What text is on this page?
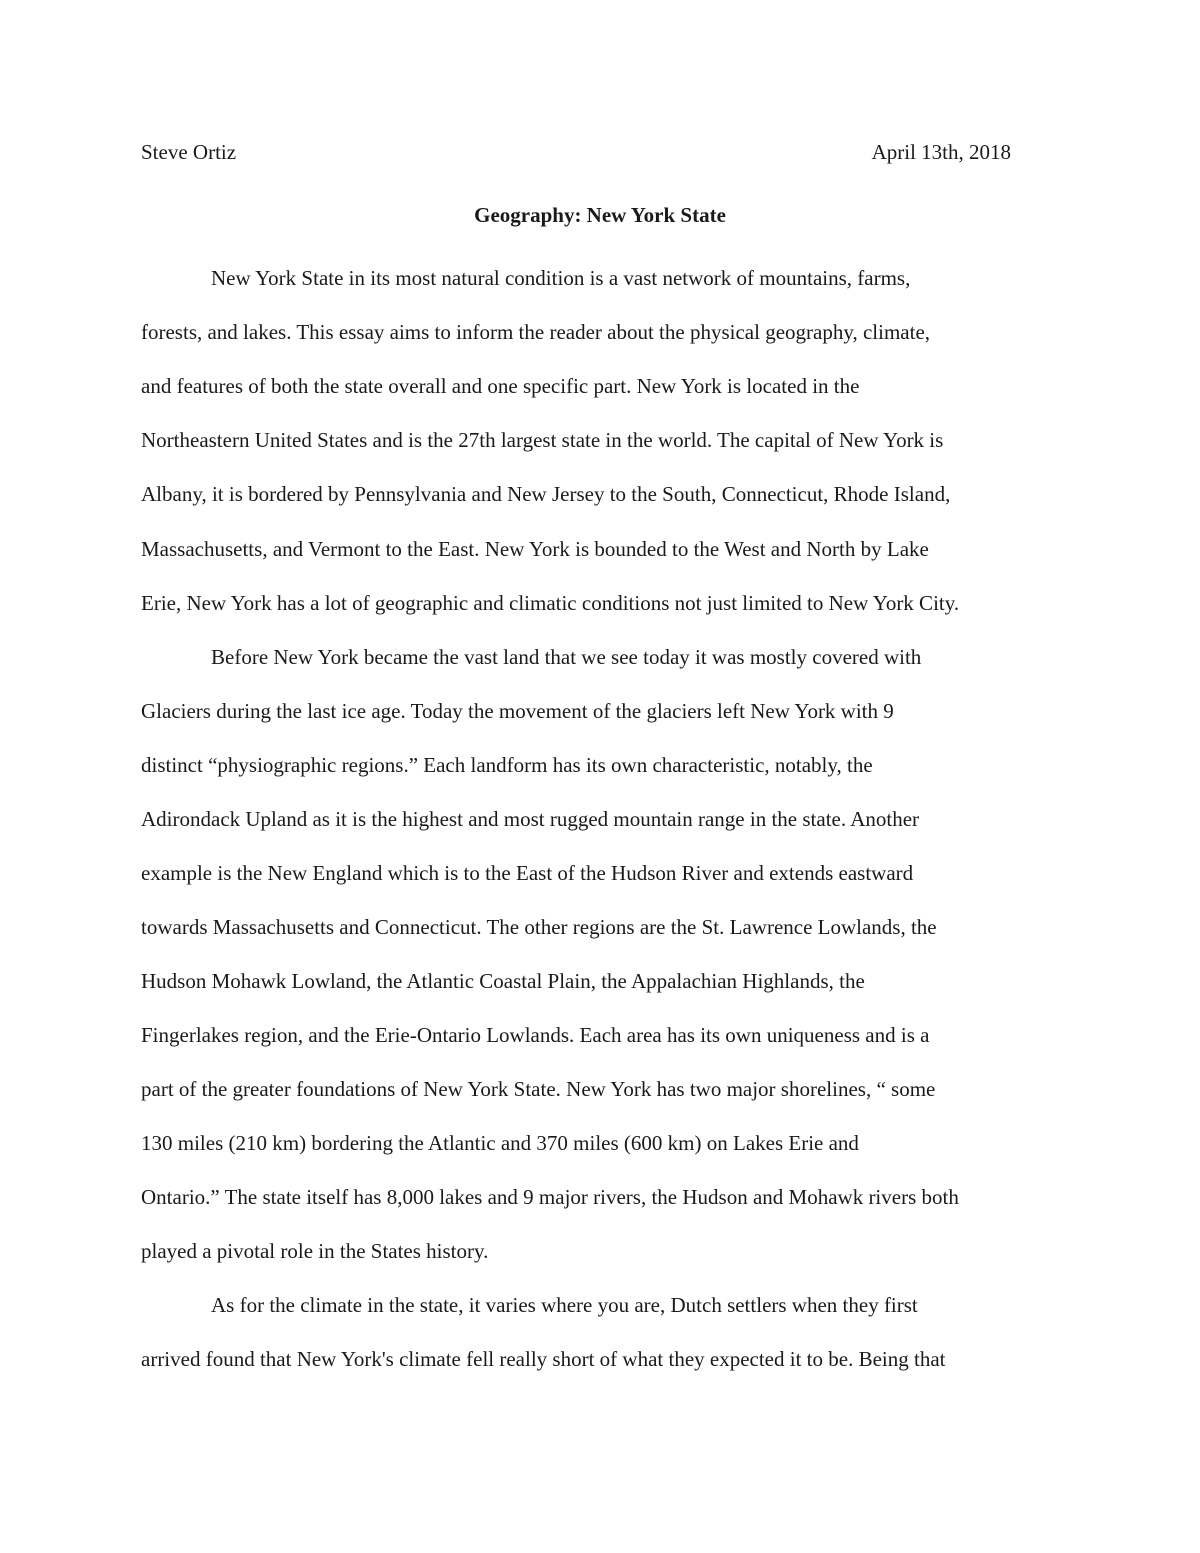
Steve Ortiz	April 13th, 2018
Geography: New York State
New York State in its most natural condition is a vast network of mountains, farms,
forests, and lakes. This essay aims to inform the reader about the physical geography, climate,
and features of both the state overall and one specific part. New York is located in the
Northeastern United States and is the 27th largest state in the world. The capital of New York is
Albany, it is bordered by Pennsylvania and New Jersey to the South, Connecticut, Rhode Island,
Massachusetts, and Vermont to the East. New York is bounded to the West and North by Lake
Erie, New York has a lot of geographic and climatic conditions not just limited to New York City.
Before New York became the vast land that we see today it was mostly covered with
Glaciers during the last ice age. Today the movement of the glaciers left New York with 9
distinct “physiographic regions.” Each landform has its own characteristic, notably, the
Adirondack Upland as it is the highest and most rugged mountain range in the state. Another
example is the New England which is to the East of the Hudson River and extends eastward
towards Massachusetts and Connecticut. The other regions are the St. Lawrence Lowlands, the
Hudson Mohawk Lowland, the Atlantic Coastal Plain, the Appalachian Highlands, the
Fingerlakes region, and the Erie-Ontario Lowlands. Each area has its own uniqueness and is a
part of the greater foundations of New York State. New York has two major shorelines, “ some
130 miles (210 km) bordering the Atlantic and 370 miles (600 km) on Lakes Erie and
Ontario.” The state itself has 8,000 lakes and 9 major rivers, the Hudson and Mohawk rivers both
played a pivotal role in the States history.
As for the climate in the state, it varies where you are, Dutch settlers when they first
arrived found that New York's climate fell really short of what they expected it to be. Being that
